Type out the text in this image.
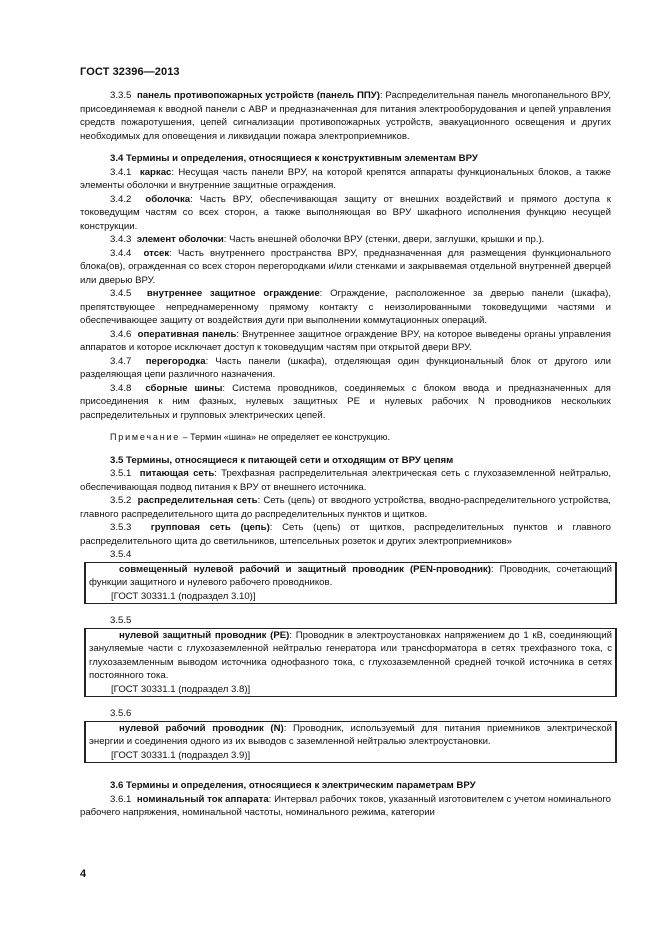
ГОСТ 32396—2013

3.3.5 панель противопожарных устройств (панель ППУ): Распределительная панель многопанельного ВРУ, присоединяемая к вводной панели с АВР и предназначенная для питания электрооборудования и цепей управления средств пожаротушения, цепей сигнализации противопожарных устройств, эвакуационного освещения и других необходимых для оповещения и ликвидации пожара электроприемников.

3.4 Термины и определения, относящиеся к конструктивным элементам ВРУ

3.4.1 каркас: Несущая часть панели ВРУ, на которой крепятся аппараты функциональных блоков, а также элементы оболочки и внутренние защитные ограждения.

3.4.2 оболочка: Часть ВРУ, обеспечивающая защиту от внешних воздействий и прямого доступа к токоведущим частям со всех сторон, а также выполняющая во ВРУ шкафного исполнения функцию несущей конструкции.

3.4.3 элемент оболочки: Часть внешней оболочки ВРУ (стенки, двери, заглушки, крышки и пр.).

3.4.4 отсек: Часть внутреннего пространства ВРУ, предназначенная для размещения функционального блока(ов), огражденная со всех сторон перегородками и/или стенками и закрываемая отдельной внутренней дверцей или дверью ВРУ.

3.4.5 внутреннее защитное ограждение: Ограждение, расположенное за дверью панели (шкафа), препятствующее непреднамеренному прямому контакту с неизолированными токоведущими частями и обеспечивающее защиту от воздействия дуги при выполнении коммутационных операций.

3.4.6 оперативная панель: Внутреннее защитное ограждение ВРУ, на которое выведены органы управления аппаратов и которое исключает доступ к токоведущим частям при открытой двери ВРУ.

3.4.7 перегородка: Часть панели (шкафа), отделяющая один функциональный блок от другого или разделяющая цепи различного назначения.

3.4.8 сборные шины: Система проводников, соединяемых с блоком ввода и предназначенных для присоединения к ним фазных, нулевых защитных PE и нулевых рабочих N проводников нескольких распределительных и групповых электрических цепей.

Примечание – Термин «шина» не определяет ее конструкцию.

3.5 Термины, относящиеся к питающей сети и отходящим от ВРУ цепям

3.5.1 питающая сеть: Трехфазная распределительная электрическая сеть с глухозаземленной нейтралью, обеспечивающая подвод питания к ВРУ от внешнего источника.

3.5.2 распределительная сеть: Сеть (цепь) от вводного устройства, вводно-распределительного устройства, главного распределительного щита до распределительных пунктов и щитков.

3.5.3 групповая сеть (цепь): Сеть (цепь) от щитков, распределительных пунктов и главного распределительного щита до светильников, штепсельных розеток и других электроприемников»

3.5.4

совмещенный нулевой рабочий и защитный проводник (PEN-проводник): Проводник, сочетающий функции защитного и нулевого рабочего проводников.

[ГОСТ 30331.1 (подраздел 3.10)]

3.5.5

нулевой защитный проводник (РЕ): Проводник в электроустановках напряжением до 1 кВ, соединяющий зануляемые части с глухозаземленной нейтралью генератора или трансформатора в сетях трехфазного тока, с глухозаземленным выводом источника однофазного тока, с глухозаземленной средней точкой источника в сетях постоянного тока.

[ГОСТ 30331.1 (подраздел 3.8)]

3.5.6

нулевой рабочий проводник (N): Проводник, используемый для питания приемников электрической энергии и соединения одного из их выводов с заземленной нейтралью электроустановки.

[ГОСТ 30331.1 (подраздел 3.9)]

3.6 Термины и определения, относящиеся к электрическим параметрам ВРУ

3.6.1 номинальный ток аппарата: Интервал рабочих токов, указанный изготовителем с учетом номинального рабочего напряжения, номинальной частоты, номинального режима, категории

4
